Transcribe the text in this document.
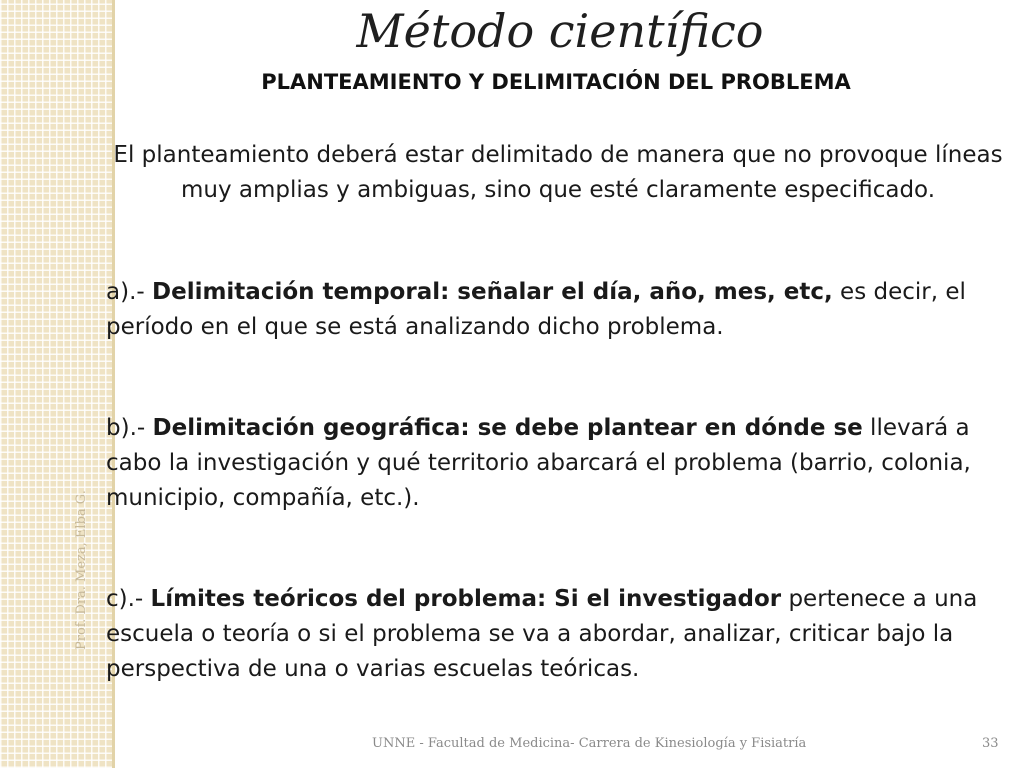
Prof. Dra. Meza, Elba G.
Método científico
PLANTEAMIENTO Y DELIMITACIÓN DEL PROBLEMA

El planteamiento deberá estar delimitado de manera que no provoque líneas muy amplias y ambiguas, sino que esté claramente especificado.

a).- Delimitación temporal: señalar el día, año, mes, etc, es decir, el período en el que se está analizando dicho problema.

b).- Delimitación geográfica: se debe plantear en dónde se llevará a cabo la investigación y qué territorio abarcará el problema (barrio, colonia, municipio, compañía, etc.).

c).- Límites teóricos del problema: Si el investigador pertenece a una escuela o teoría o si el problema se va a abordar, analizar, criticar bajo la perspectiva de una o varias escuelas teóricas.

UNNE - Facultad de Medicina- Carrera de Kinesiología y Fisiatría	33
